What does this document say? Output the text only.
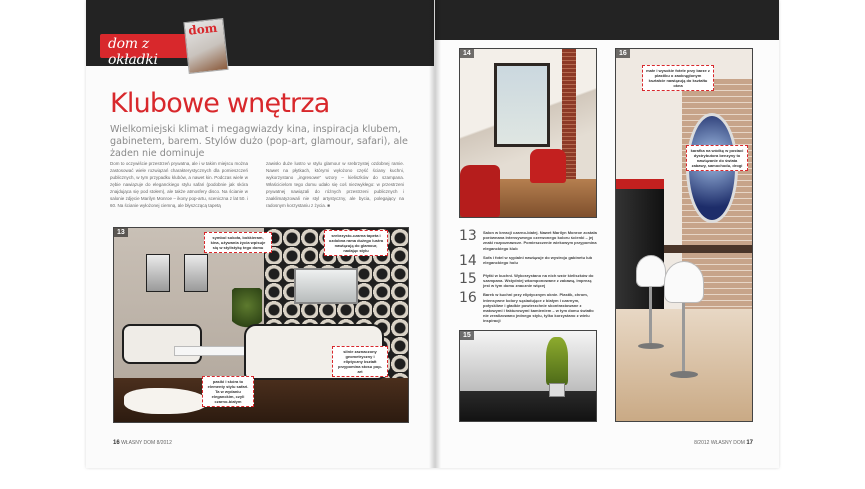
dom z okładki
dom
Klubowe wnętrza
Wielkomiejski klimat i megagwiazdy kina, inspiracja klubem, gabinetem, barem. Stylów dużo (pop-art, glamour, safari), ale żaden nie dominuje
Dom to oczywiście przestrzeń prywatna, ale i w takim miejscu można zastosować wiele rozwiązań charakterystycznych dla pomieszczeń publicznych, w tym przypadku klubów, a nawet kin. Podczas wiele w zębie nawiązuje do eleganckiego stylu safari (podobnie jak skóra znajdująca się pod stołem), ale także atmosfery disco. Na ścianie w salonie zdjęcie Marilyn Monroe – ikony pop-artu, sceniczna z lat 50. i 60. Na ścianie wyłożonej ciemną, ale błyszczącą tapetą
zawisło duże lustro w stylu glamour w srebrzystej ozdobnej ramie. Nawet na płytkach, którymi wyłożono część ściany kuchni, wykorzystano „ingresowe” wzory – kieliszków do szampana. Właścicielom tego domu udało się coś niezwykłego: w przestrzeni prywatnej nawiązali do różnych przestrzeni publicznych i zaaklimatyzowali nie styl artystyczny, ale bycia, polegający na radosnym korzystaniu z życia. ■
13
symbol sokoła, bokkieram, kina, używania życia wpisuje się w stylistykę tego domu
srebrzysto-czarna tapeta i ozdobna rama dużego lustra nawiązują do glamour, nadając stylu
silnie zaznaczony geometryczny i eliptyczny kształt przypomina stosu pop-art
pasiki i skóra to elementy stylu safari. Ta w wydaniu eleganckim, czyli czarno-białym
16 WŁASNY DOM 8/2012
14
13 Salon w kreacji czarno-białej. Nawet Marilyn Monroe została porównana intensywnego czerwonego koloru ścienki – jej znaki rozpoznawcze. Pomieszczenie wiekowym przypomina eleganckiego klub
14 Sofa i fotel w sypialni nawiązuje do wystroju gabinetu lub eleganckiego holu
15 Płytki w kuchni. Wykorzystano na nich wzór kieliszków do szampana. Wstydniej wkomponowane z zabawą, imprezą jest w tym domu znacznie więcej
16 Barek w kuchni przy eliptycznym oknie. Plastik, chrom, intensywne kolory sąsiadujące z białym i czarnym, połyskliwe i gładkie powierzchnie skontrastowane z matowymi i fakturowymi kamieniem – w tym domu światło nie zrealizowano jednego stylu, tylko korzystano z wielu inspiracji
15
16
małe i wysokie fotele przy barze z plastiku o zaokrąglonym kształcie nawiązują do kształtu okna
karafka na wódkę w postaci dystrybutora benzyny to nawiązanie do świata zabawy, samochodu, drogi
8/2012 WŁASNY DOM 17
